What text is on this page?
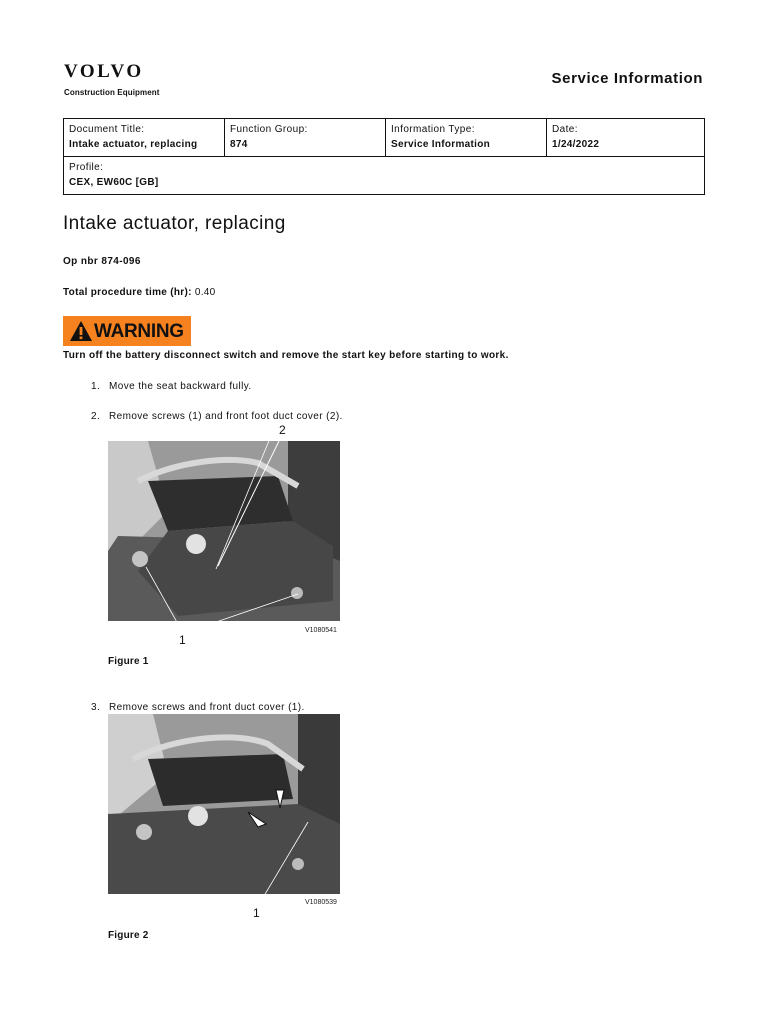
VOLVO
Construction Equipment
Service Information
Document Title:
Intake actuator, replacing

Function Group:
874

Information Type:
Service Information

Date:
1/24/2022

Profile:
CEX, EW60C [GB]
Intake actuator, replacing
Op nbr 874-096
Total procedure time (hr): 0.40
WARNING
Turn off the battery disconnect switch and remove the start key before starting to work.
1. Move the seat backward fully.
2. Remove screws (1) and front foot duct cover (2).
2
V1080541
1
Figure 1
3. Remove screws and front duct cover (1).
V1080539
1
Figure 2
